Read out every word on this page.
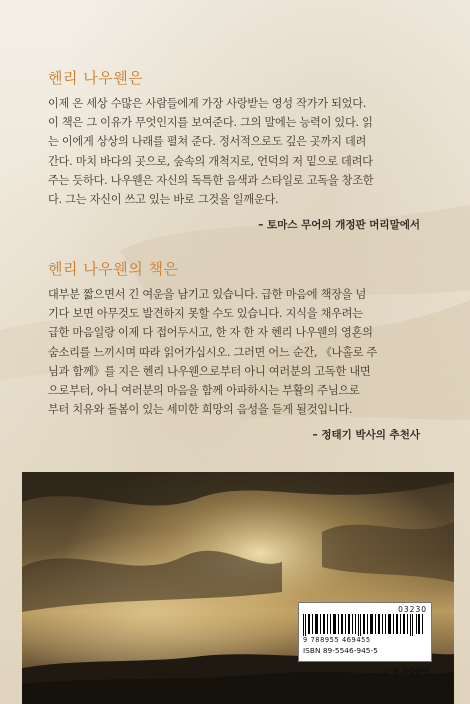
헨리 나우웬은
이제 온 세상 수많은 사람들에게 가장 사랑받는 영성 작가가 되었다.
이 책은 그 이유가 무엇인지를 보여준다. 그의 말에는 능력이 있다. 읽
는 이에게 상상의 나래를 펼쳐 준다. 정서적으로도 깊은 곳까지 데려
간다. 마치 바다의 곳으로, 숲속의 개척지로, 언덕의 저 밑으로 데려다
주는 듯하다. 나우웬은 자신의 독특한 음색과 스타일로 고독을 창조한
다. 그는 자신이 쓰고 있는 바로 그것을 일깨운다.
– 토마스 무어의 개정판 머리말에서
헨리 나우웬의 책은
대부분 짧으면서 긴 여운을 남기고 있습니다. 급한 마음에 책장을 넘
기다 보면 아무것도 발견하지 못할 수도 있습니다. 지식을 채우려는
급한 마음일랑 이제 다 접어두시고, 한 자 한 자 헨리 나우웬의 영혼의
숨소리를 느끼시며 따라 읽어가십시오. 그러면 어느 순간, 《나홀로 주
님과 함께》를 지은 헨리 나우웬으로부터 아니 여러분의 고독한 내면
으로부터, 아니 여러분의 마음을 함께 아파하시는 부활의 주님으로
부터 치유와 돌봄이 있는 세미한 희망의 음성을 듣게 될것입니다.
– 정태기 박사의 추천사
03230
9 788955 469455
ISBN 89-5546-945-5
값 6,000원
